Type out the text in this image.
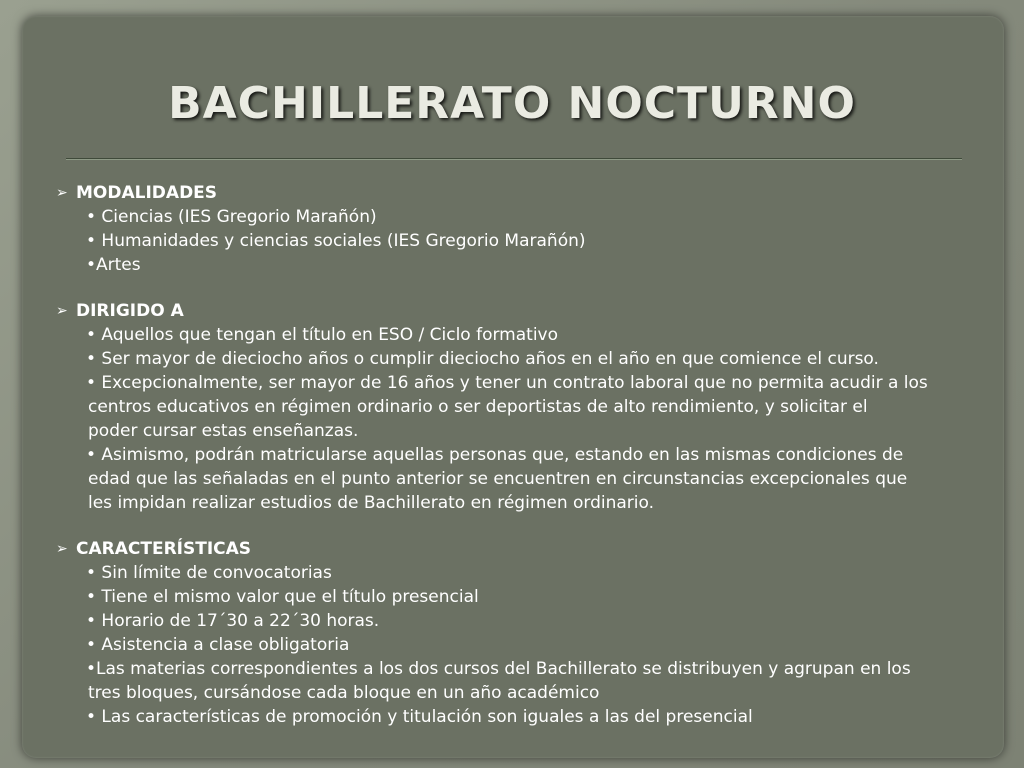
BACHILLERATO NOCTURNO
➢ MODALIDADES
• Ciencias (IES Gregorio Marañón)
• Humanidades y ciencias sociales (IES Gregorio Marañón)
•Artes
➢ DIRIGIDO A
• Aquellos que tengan el título en ESO / Ciclo formativo
• Ser mayor de dieciocho años o cumplir dieciocho años en el año en que comience el curso.
• Excepcionalmente, ser mayor de 16 años y tener un contrato laboral que no permita acudir a los
centros educativos en régimen ordinario o ser deportistas de alto rendimiento, y solicitar el
poder cursar estas enseñanzas.
• Asimismo, podrán matricularse aquellas personas que, estando en las mismas condiciones de
edad que las señaladas en el punto anterior se encuentren en circunstancias excepcionales que
les impidan realizar estudios de Bachillerato en régimen ordinario.
➢ CARACTERÍSTICAS
• Sin límite de convocatorias
• Tiene el mismo valor que el título presencial
• Horario de 17´30 a 22´30 horas.
• Asistencia a clase obligatoria
•Las materias correspondientes a los dos cursos del Bachillerato se distribuyen y agrupan en los
tres bloques, cursándose cada bloque en un año académico
• Las características de promoción y titulación son iguales a las del presencial
